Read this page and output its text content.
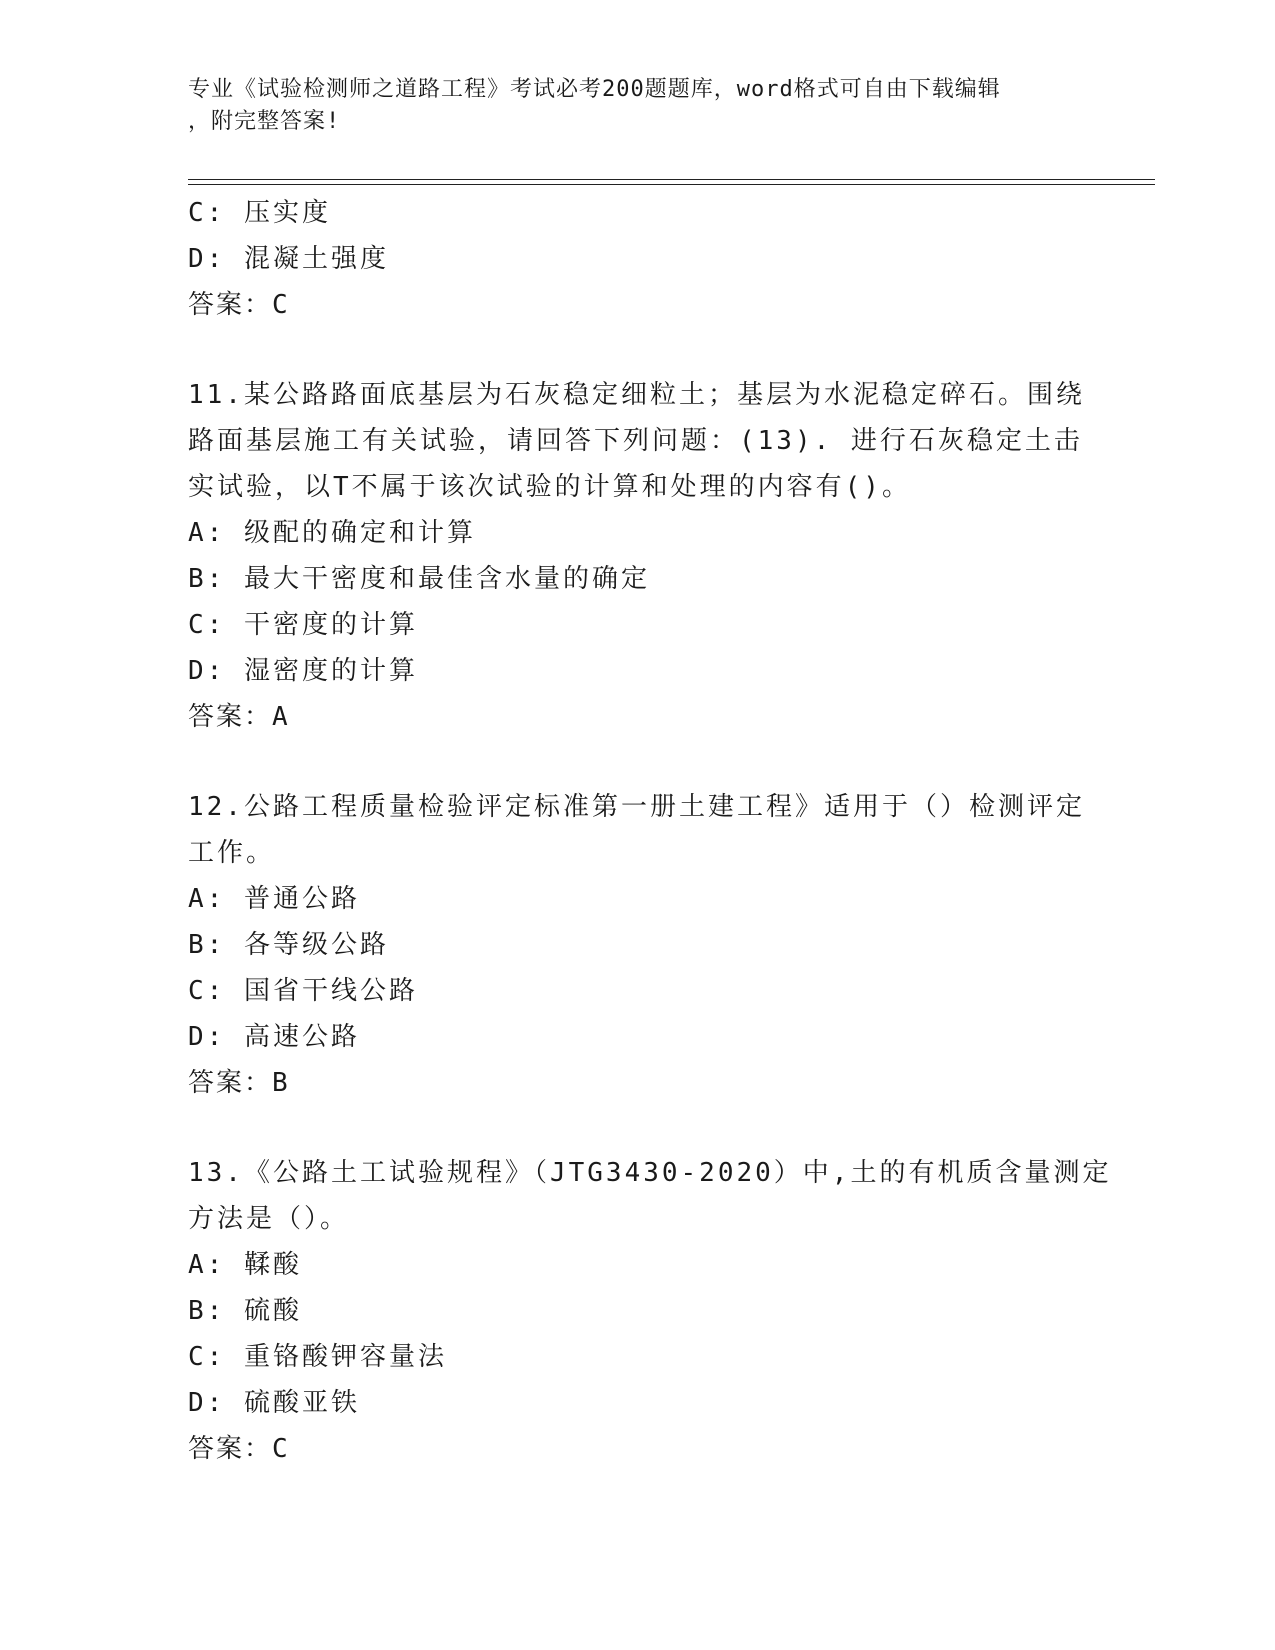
专业《试验检测师之道路工程》考试必考200题题库，word格式可自由下载编辑
，附完整答案!
C: 压实度
D: 混凝土强度
答案：C
11.某公路路面底基层为石灰稳定细粒土；基层为水泥稳定碎石。围绕
路面基层施工有关试验，请回答下列问题：(13). 进行石灰稳定土击
实试验，以T不属于该次试验的计算和处理的内容有()。
A: 级配的确定和计算
B: 最大干密度和最佳含水量的确定
C: 干密度的计算
D: 湿密度的计算
答案：A
12.公路工程质量检验评定标准第一册土建工程》适用于（）检测评定
工作。
A: 普通公路
B: 各等级公路
C: 国省干线公路
D: 高速公路
答案：B
13.《公路土工试验规程》（JTG3430-2020）中,土的有机质含量测定
方法是（）。
A: 鞣酸
B: 硫酸
C: 重铬酸钾容量法
D: 硫酸亚铁
答案：C
